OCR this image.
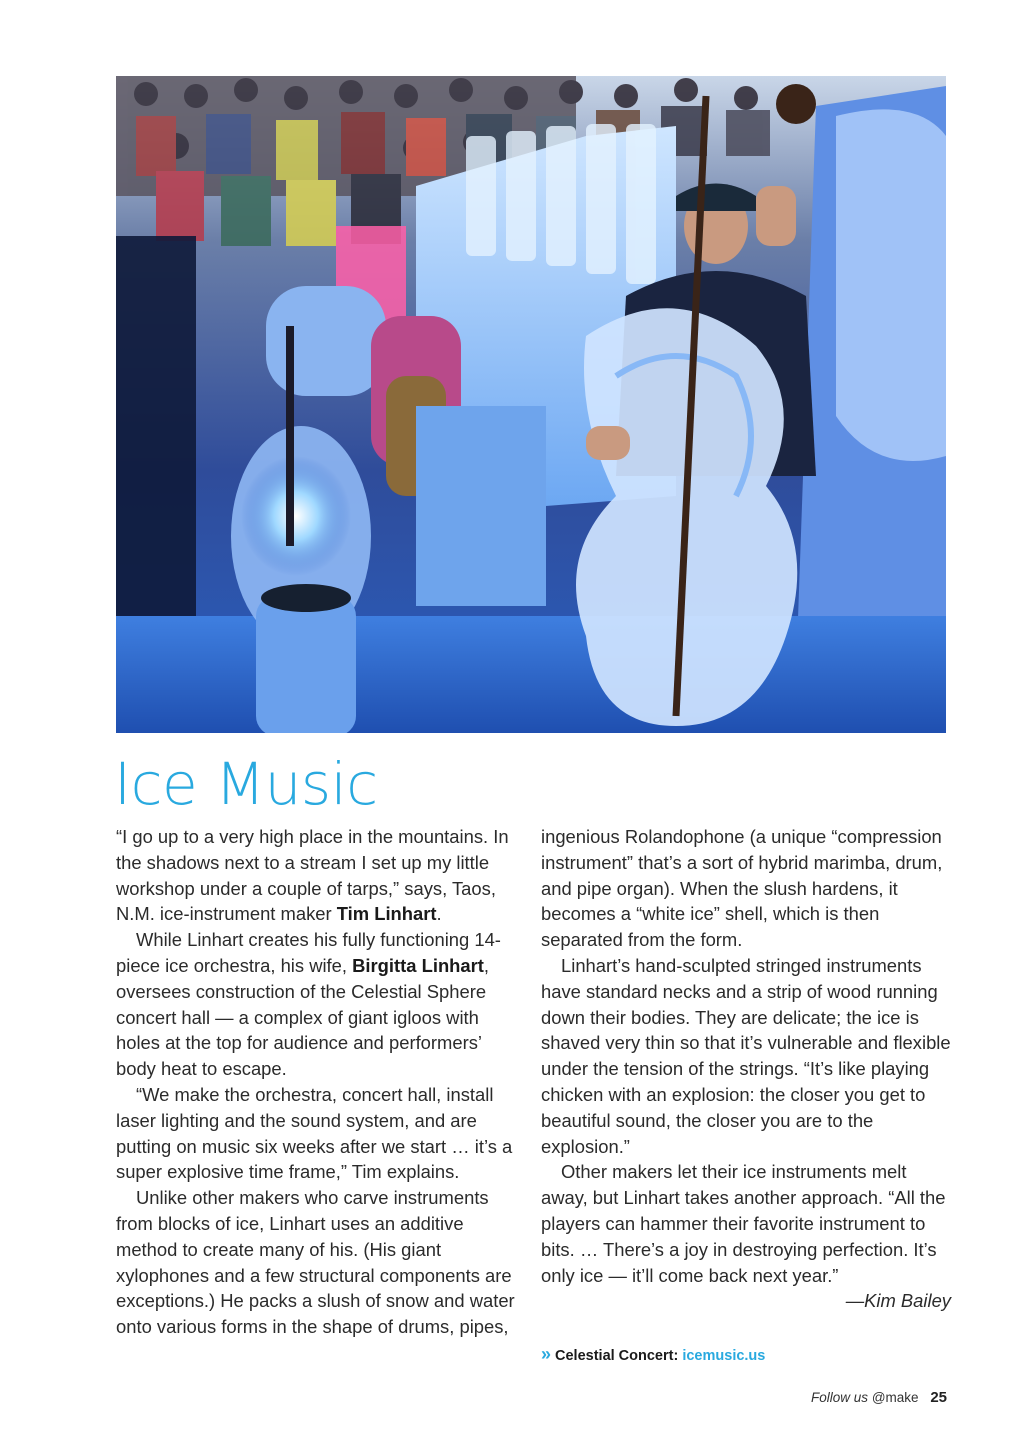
Ice Music

“I go up to a very high place in the mountains. In the shadows next to a stream I set up my little workshop under a couple of tarps,” says, Taos, N.M. ice-instrument maker Tim Linhart.

While Linhart creates his fully functioning 14-piece ice orchestra, his wife, Birgitta Linhart, oversees construction of the Celestial Sphere concert hall — a complex of giant igloos with holes at the top for audience and performers’ body heat to escape.

“We make the orchestra, concert hall, install laser lighting and the sound system, and are putting on music six weeks after we start … it’s a super explosive time frame,” Tim explains.

Unlike other makers who carve instruments from blocks of ice, Linhart uses an additive method to create many of his. (His giant xylophones and a few structural components are exceptions.) He packs a slush of snow and water onto various forms in the shape of drums, pipes,

ingenious Rolandophone (a unique “compression instrument” that’s a sort of hybrid marimba, drum, and pipe organ). When the slush hardens, it becomes a “white ice” shell, which is then separated from the form.

Linhart’s hand-sculpted stringed instruments have standard necks and a strip of wood running down their bodies. They are delicate; the ice is shaved very thin so that it’s vulnerable and flexible under the tension of the strings. “It’s like playing chicken with an explosion: the closer you get to beautiful sound, the closer you are to the explosion.”

Other makers let their ice instruments melt away, but Linhart takes another approach. “All the players can hammer their favorite instrument to bits. … There’s a joy in destroying perfection. It’s only ice — it’ll come back next year.”

—Kim Bailey
» Celestial Concert: icemusic.us
Follow us @make 25
